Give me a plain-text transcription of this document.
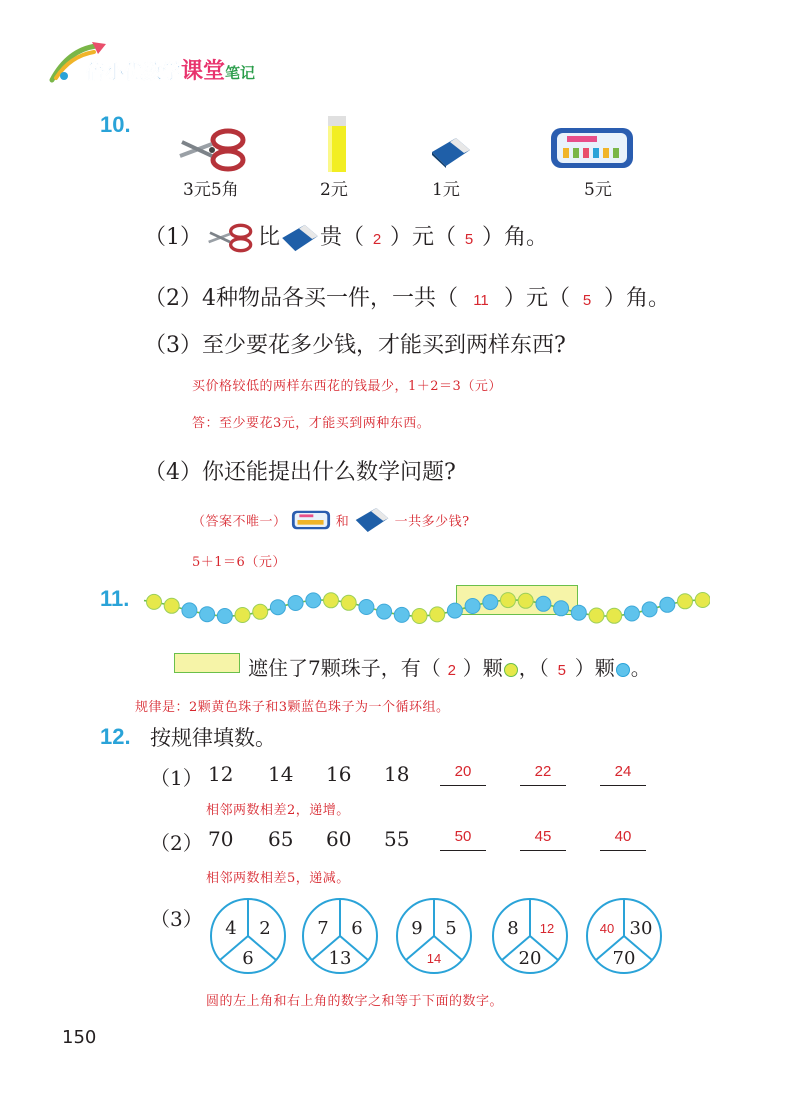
倍小优数学课堂笔记
10.
3元5角	2元	1元	5元
（1）	比 贵（ 2 ）元（ 5 ）角。
（2）4种物品各买一件，一共（ 11 ）元（ 5 ）角。
（3）至少要花多少钱，才能买到两样东西?
买价格较低的两样东西花的钱最少，1＋2＝3（元）
答：至少要花3元，才能买到两种东西。
（4）你还能提出什么数学问题?
（答案不唯一）	和	一共多少钱?
5＋1＝6（元）
11.
遮住了7颗珠子，有（ 2 ）颗 ，（ 5 ）颗 。
规律是：2颗黄色珠子和3颗蓝色珠子为一个循环组。
12. 按规律填数。
（1） 12 14 16 18	20	22	24
相邻两数相差2，递增。
（2） 70 65 60 55	50	45	40
相邻两数相差5，递减。
（3）	4	2
6
7	6
13
9	5
14
8	12
20
40 30
70
圆的左上角和右上角的数字之和等于下面的数字。
150
